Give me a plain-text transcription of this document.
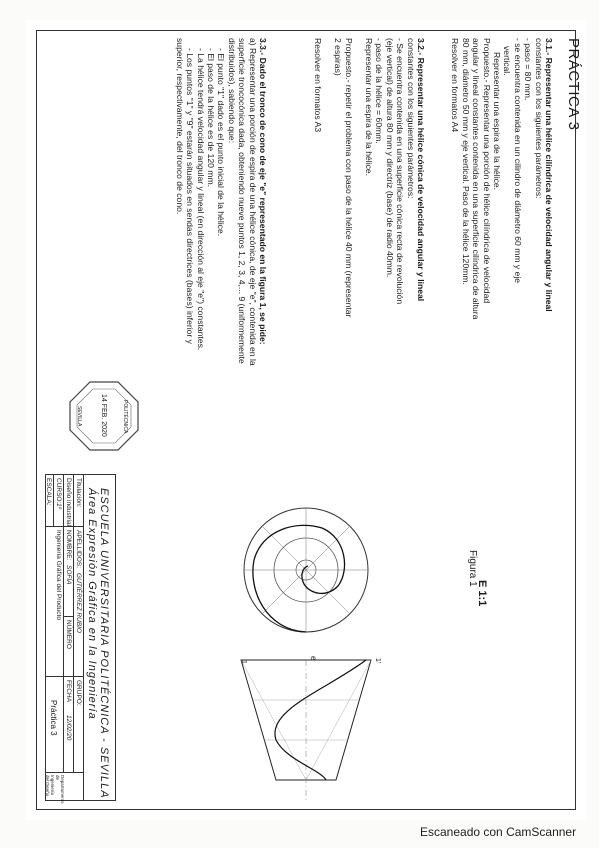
PRÁCTICA 3
3.1.- Representar una hélice cilíndrica de velocidad angular y lineal
constantes con los siguientes parámetros:
- paso = 80 mm.
- se encuentra contenida en un cilindro de diámetro 60 mm y eje
vertical.
Representar una espira de la hélice.
Propuesto.- Representar una porción de hélice cilíndrica de velocidad
angular y lineal constantes contenida en una superficie cilíndrica de altura
80 mm, diámetro 50 mm y eje vertical. Paso de la hélice 120mm.
Resolver en formatos A4
3.2.- Representar una hélice cónica de velocidad angular y lineal
constantes con los siguientes parámetros:
- Se encuentra contenida en una superficie cónica recta de revolución
(eje vertical) de altura 80 mm y directriz (base) de radio 40mm.
- paso de la hélice = 60mm.
Representar una espira de la hélice.
Propuesto.- repetir el problema con paso de la hélice 40 mm (representar
2 espiras)
Resolver en formatos A3
3.3.- Dado el tronco de cono de eje "e" representado en la figura 1, se pide:
a) Representar una porción de espira de una hélice cónica, de eje "e", contenida en la
superficie troncocónica dada, obteniendo nueve puntos 1, 2, 3, 4,... 9 (uniformemente
distribuidos), sabiendo que:
- El punto "1" dado es el punto inicial de la hélice.
- El paso de la hélice es de 120 mm.
- La hélice tendrá velocidad angular y lineal (en dirección al eje "e") constantes.
- Los puntos "1" y "9" estarán situados en sendas directrices (bases) inferior y
superior, respectivamente, del tronco de cono.
POLITÉCNICA
14 FEB. 2020
SEVILLA
e	1'
1
E 1:1
Figura 1
Titulación:
APELLIDOS:
GUTIÉRREZ RUBIO
GRUPO:
Diseño industrial
NOMBRE:
SOFÍA
NÚMERO
FECHA
12/02/20
CURSO:
1º
Ingeniería Gráfica del Producto
ESCALA:
Práctica 3
Departamento de Ingeniería del Diseño	ESCUELA UNIVERSITARIA POLITÉCNICA - SEVILLA
Área Expresión Gráfica en la Ingeniería
Escaneado con CamScanner
